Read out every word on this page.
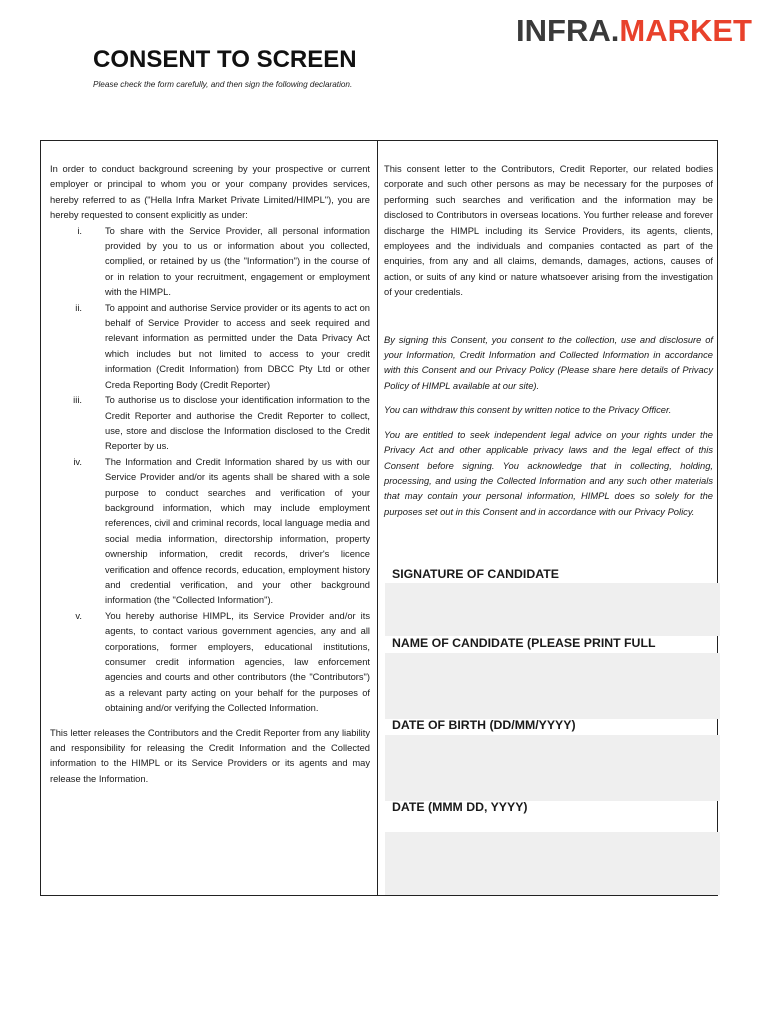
INFRA.MARKET
CONSENT TO SCREEN

Please check the form carefully, and then sign the following declaration.

In order to conduct background screening by your prospective or current employer or principal to whom you or your company provides services, hereby referred to as ("Hella Infra Market Private Limited/HIMPL"), you are hereby requested to consent explicitly as under:

i.	To share with the Service Provider, all personal information provided by you to us or information about you collected, complied, or retained by us (the "Information") in the course of or in relation to your recruitment, engagement or employment with the HIMPL.
ii.	To appoint and authorise Service provider or its agents to act on behalf of Service Provider to access and seek required and relevant information as permitted under the Data Privacy Act which includes but not limited to access to your credit information (Credit Information) from DBCC Pty Ltd or other Creda Reporting Body (Credit Reporter)
iii.	To authorise us to disclose your identification information to the Credit Reporter and authorise the Credit Reporter to collect, use, store and disclose the Information disclosed to the Credit Reporter by us.
iv.	The Information and Credit Information shared by us with our Service Provider and/or its agents shall be shared with a sole purpose to conduct searches and verification of your background information, which may include employment references, civil and criminal records, local language media and social media information, directorship information, property ownership information, credit records, driver's licence verification and offence records, education, employment history and credential verification, and your other background information (the "Collected Information").
v.	You hereby authorise HIMPL, its Service Provider and/or its agents, to contact various government agencies, any and all corporations, former employers, educational institutions, consumer credit information agencies, law enforcement agencies and courts and other contributors (the "Contributors") as a relevant party acting on your behalf for the purposes of obtaining and/or verifying the Collected Information.

This letter releases the Contributors and the Credit Reporter from any liability and responsibility for releasing the Credit Information and the Collected information to the HIMPL or its Service Providers or its agents and may release the Information.

This consent letter to the Contributors, Credit Reporter, our related bodies corporate and such other persons as may be necessary for the purposes of performing such searches and verification and the information may be disclosed to Contributors in overseas locations. You further release and forever discharge the HIMPL including its Service Providers, its agents, clients, employees and the individuals and companies contacted as part of the enquiries, from any and all claims, demands, damages, actions, causes of action, or suits of any kind or nature whatsoever arising from the investigation of your credentials.

By signing this Consent, you consent to the collection, use and disclosure of your Information, Credit Information and Collected Information in accordance with this Consent and our Privacy Policy (Please share here details of Privacy Policy of HIMPL available at our site).

You can withdraw this consent by written notice to the Privacy Officer.

You are entitled to seek independent legal advice on your rights under the Privacy Act and other applicable privacy laws and the legal effect of this Consent before signing. You acknowledge that in collecting, holding, processing, and using the Collected Information and any such other materials that may contain your personal information, HIMPL does so solely for the purposes set out in this Consent and in accordance with our Privacy Policy.

SIGNATURE OF CANDIDATE

NAME OF CANDIDATE (PLEASE PRINT FULL

DATE OF BIRTH (DD/MM/YYYY)

DATE (MMM DD, YYYY)
